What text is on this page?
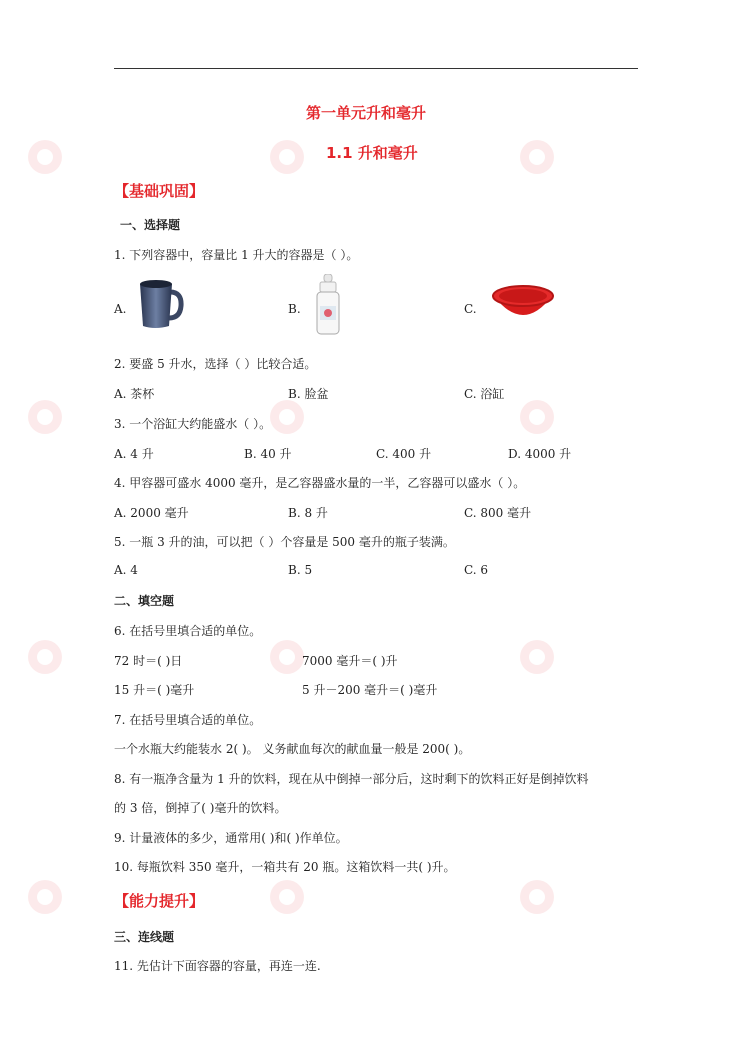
第一单元升和毫升
1.1 升和毫升
【基础巩固】
一、选择题
1. 下列容器中，容量比 1 升大的容器是（ ）。
A.	B.	C.
2. 要盛 5 升水，选择（ ）比较合适。
A. 茶杯	B. 脸盆	C. 浴缸
3. 一个浴缸大约能盛水（ ）。
A. 4 升	B. 40 升	C. 400 升	D. 4000 升
4. 甲容器可盛水 4000 毫升，是乙容器盛水量的一半，乙容器可以盛水（ ）。
A. 2000 毫升	B. 8 升	C. 800 毫升
5. 一瓶 3 升的油，可以把（ ）个容量是 500 毫升的瓶子装满。
A. 4	B. 5	C. 6
二、填空题
6. 在括号里填合适的单位。
72 时＝( )日	7000 毫升＝( )升
15 升＝( )毫升	5 升－200 毫升＝( )毫升
7. 在括号里填合适的单位。
一个水瓶大约能装水 2( )。 义务献血每次的献血量一般是 200( )。
8. 有一瓶净含量为 1 升的饮料，现在从中倒掉一部分后，这时剩下的饮料正好是倒掉饮料
的 3 倍，倒掉了( )毫升的饮料。
9. 计量液体的多少，通常用( )和( )作单位。
10. 每瓶饮料 350 毫升，一箱共有 20 瓶。这箱饮料一共( )升。
【能力提升】
三、连线题
11. 先估计下面容器的容量，再连一连.
